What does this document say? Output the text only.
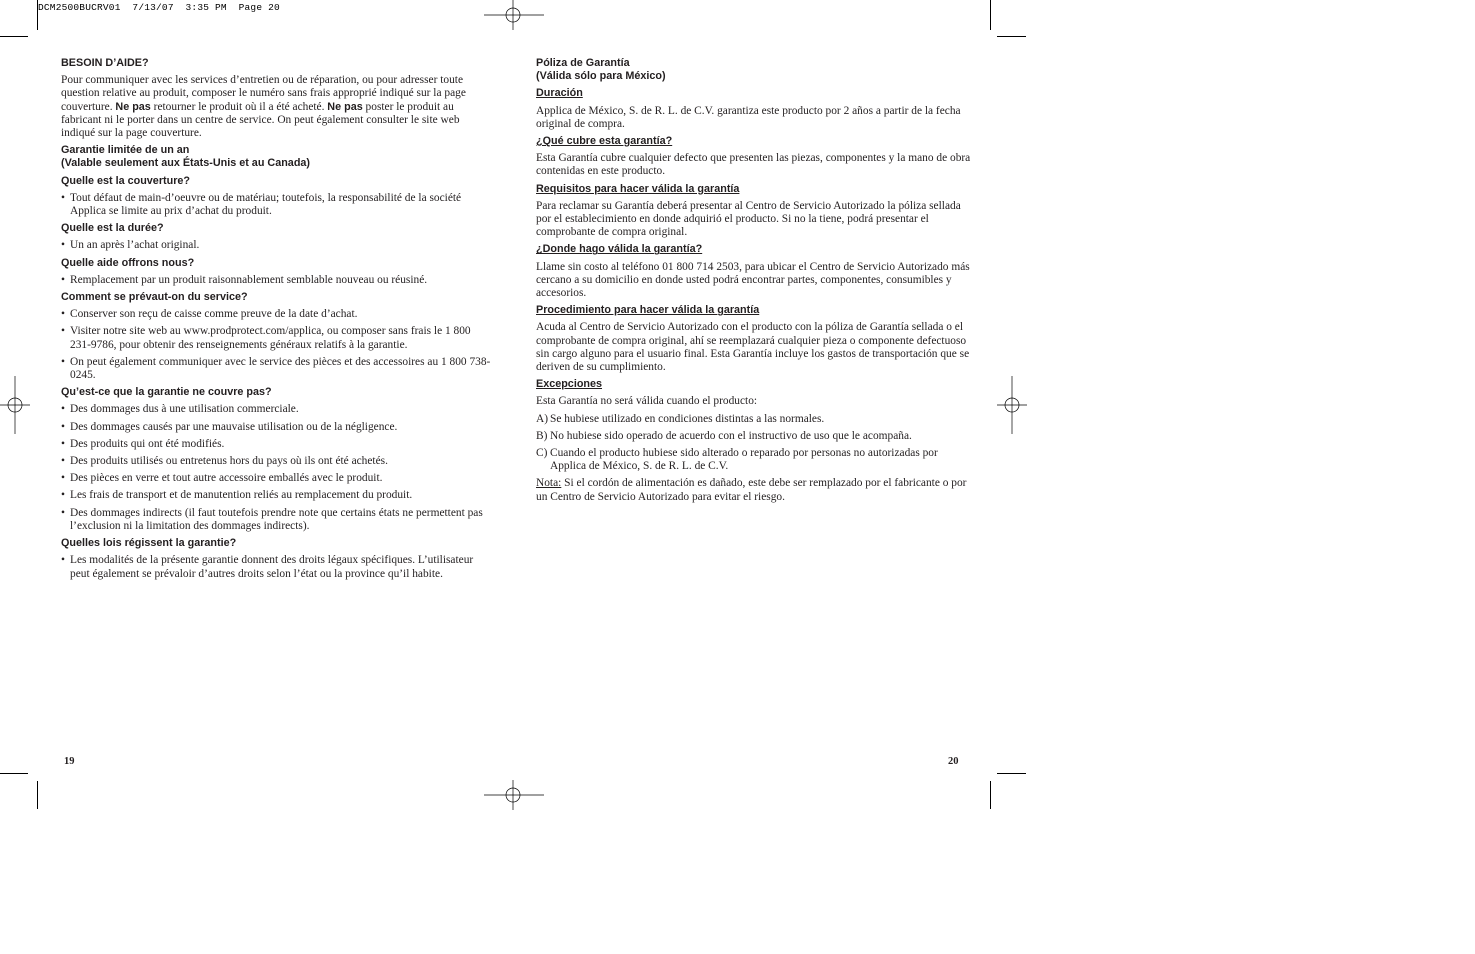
DCM2500BUCRV01  7/13/07  3:35 PM  Page 20
BESOIN D’AIDE?
Pour communiquer avec les services d’entretien ou de réparation, ou pour adresser toute question relative au produit, composer le numéro sans frais approprié indiqué sur la page couverture. Ne pas retourner le produit où il a été acheté. Ne pas poster le produit au fabricant ni le porter dans un centre de service. On peut également consulter le site web indiqué sur la page couverture.
Garantie limitée de un an
(Valable seulement aux États-Unis et au Canada)
Quelle est la couverture?
• Tout défaut de main-d’oeuvre ou de matériau; toutefois, la responsabilité de la société Applica se limite au prix d’achat du produit.
Quelle est la durée?
• Un an après l’achat original.
Quelle aide offrons nous?
• Remplacement par un produit raisonnablement semblable nouveau ou réusiné.
Comment se prévaut-on du service?
• Conserver son reçu de caisse comme preuve de la date d’achat.
• Visiter notre site web au www.prodprotect.com/applica, ou composer sans frais le 1 800 231-9786, pour obtenir des renseignements généraux relatifs à la garantie.
• On peut également communiquer avec le service des pièces et des accessoires au 1 800 738-0245.
Qu’est-ce que la garantie ne couvre pas?
• Des dommages dus à une utilisation commerciale.
• Des dommages causés par une mauvaise utilisation ou de la négligence.
• Des produits qui ont été modifiés.
• Des produits utilisés ou entretenus hors du pays où ils ont été achetés.
• Des pièces en verre et tout autre accessoire emballés avec le produit.
• Les frais de transport et de manutention reliés au remplacement du produit.
• Des dommages indirects (il faut toutefois prendre note que certains états ne permettent pas l’exclusion ni la limitation des dommages indirects).
Quelles lois régissent la garantie?
• Les modalités de la présente garantie donnent des droits légaux spécifiques. L’utilisateur peut également se prévaloir d’autres droits selon l’état ou la province qu’il habite.
Póliza de Garantía
(Válida sólo para México)
Duración
Applica de México, S. de R. L. de C.V. garantiza este producto por 2 años a partir de la fecha original de compra.
¿Qué cubre esta garantía?
Esta Garantía cubre cualquier defecto que presenten las piezas, componentes y la mano de obra contenidas en este producto.
Requisitos para hacer válida la garantía
Para reclamar su Garantía deberá presentar al Centro de Servicio Autorizado la póliza sellada por el establecimiento en donde adquirió el producto. Si no la tiene, podrá presentar el comprobante de compra original.
¿Donde hago válida la garantía?
Llame sin costo al teléfono 01 800 714 2503, para ubicar el Centro de Servicio Autorizado más cercano a su domicilio en donde usted podrá encontrar partes, componentes, consumibles y accesorios.
Procedimiento para hacer válida la garantía
Acuda al Centro de Servicio Autorizado con el producto con la póliza de Garantía sellada o el comprobante de compra original, ahí se reemplazará cualquier pieza o componente defectuoso sin cargo alguno para el usuario final. Esta Garantía incluye los gastos de transportación que se deriven de su cumplimiento.
Excepciones
Esta Garantía no será válida cuando el producto:
A) Se hubiese utilizado en condiciones distintas a las normales.
B) No hubiese sido operado de acuerdo con el instructivo de uso que le acompaña.
C) Cuando el producto hubiese sido alterado o reparado por personas no autorizadas por Applica de México, S. de R. L. de C.V.
Nota: Si el cordón de alimentación es dañado, este debe ser remplazado por el fabricante o por un Centro de Servicio Autorizado para evitar el riesgo.
19	20
